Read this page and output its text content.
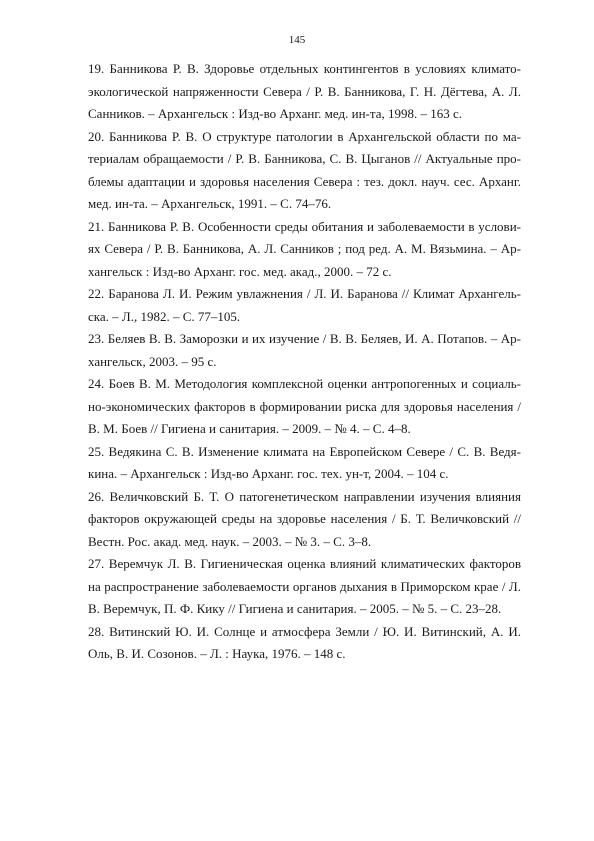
145

19. Банникова Р. В. Здоровье отдельных контингентов в условиях климато-экологической напряженности Севера / Р. В. Банникова, Г. Н. Дёгтева, А. Л. Санников. – Архангельск : Изд-во Арханг. мед. ин-та, 1998. – 163 с.

20. Банникова Р. В. О структуре патологии в Архангельской области по материалам обращаемости / Р. В. Банникова, С. В. Цыганов // Актуальные проблемы адаптации и здоровья населения Севера : тез. докл. науч. сес. Арханг. мед. ин-та. – Архангельск, 1991. – С. 74–76.

21. Банникова Р. В. Особенности среды обитания и заболеваемости в условиях Севера / Р. В. Банникова, А. Л. Санников ; под ред. А. М. Вязьмина. – Архангельск : Изд-во Арханг. гос. мед. акад., 2000. – 72 с.

22. Баранова Л. И. Режим увлажнения / Л. И. Баранова // Климат Архангельска. – Л., 1982. – С. 77–105.

23. Беляев В. В. Заморозки и их изучение / В. В. Беляев, И. А. Потапов. – Архангельск, 2003. – 95 с.

24. Боев В. М. Методология комплексной оценки антропогенных и социально-экономических факторов в формировании риска для здоровья населения / В. М. Боев // Гигиена и санитария. – 2009. – № 4. – С. 4–8.

25. Ведякина С. В. Изменение климата на Европейском Севере / С. В. Ведякина. – Архангельск : Изд-во Арханг. гос. тех. ун-т, 2004. – 104 с.

26. Величковский Б. Т. О патогенетическом направлении изучения влияния факторов окружающей среды на здоровье населения / Б. Т. Величковский // Вестн. Рос. акад. мед. наук. – 2003. – № 3. – С. 3–8.

27. Веремчук Л. В. Гигиеническая оценка влияний климатических факторов на распространение заболеваемости органов дыхания в Приморском крае / Л. В. Веремчук, П. Ф. Кику // Гигиена и санитария. – 2005. – № 5. – С. 23–28.

28. Витинский Ю. И. Солнце и атмосфера Земли / Ю. И. Витинский, А. И. Оль, В. И. Созонов. – Л. : Наука, 1976. – 148 с.
